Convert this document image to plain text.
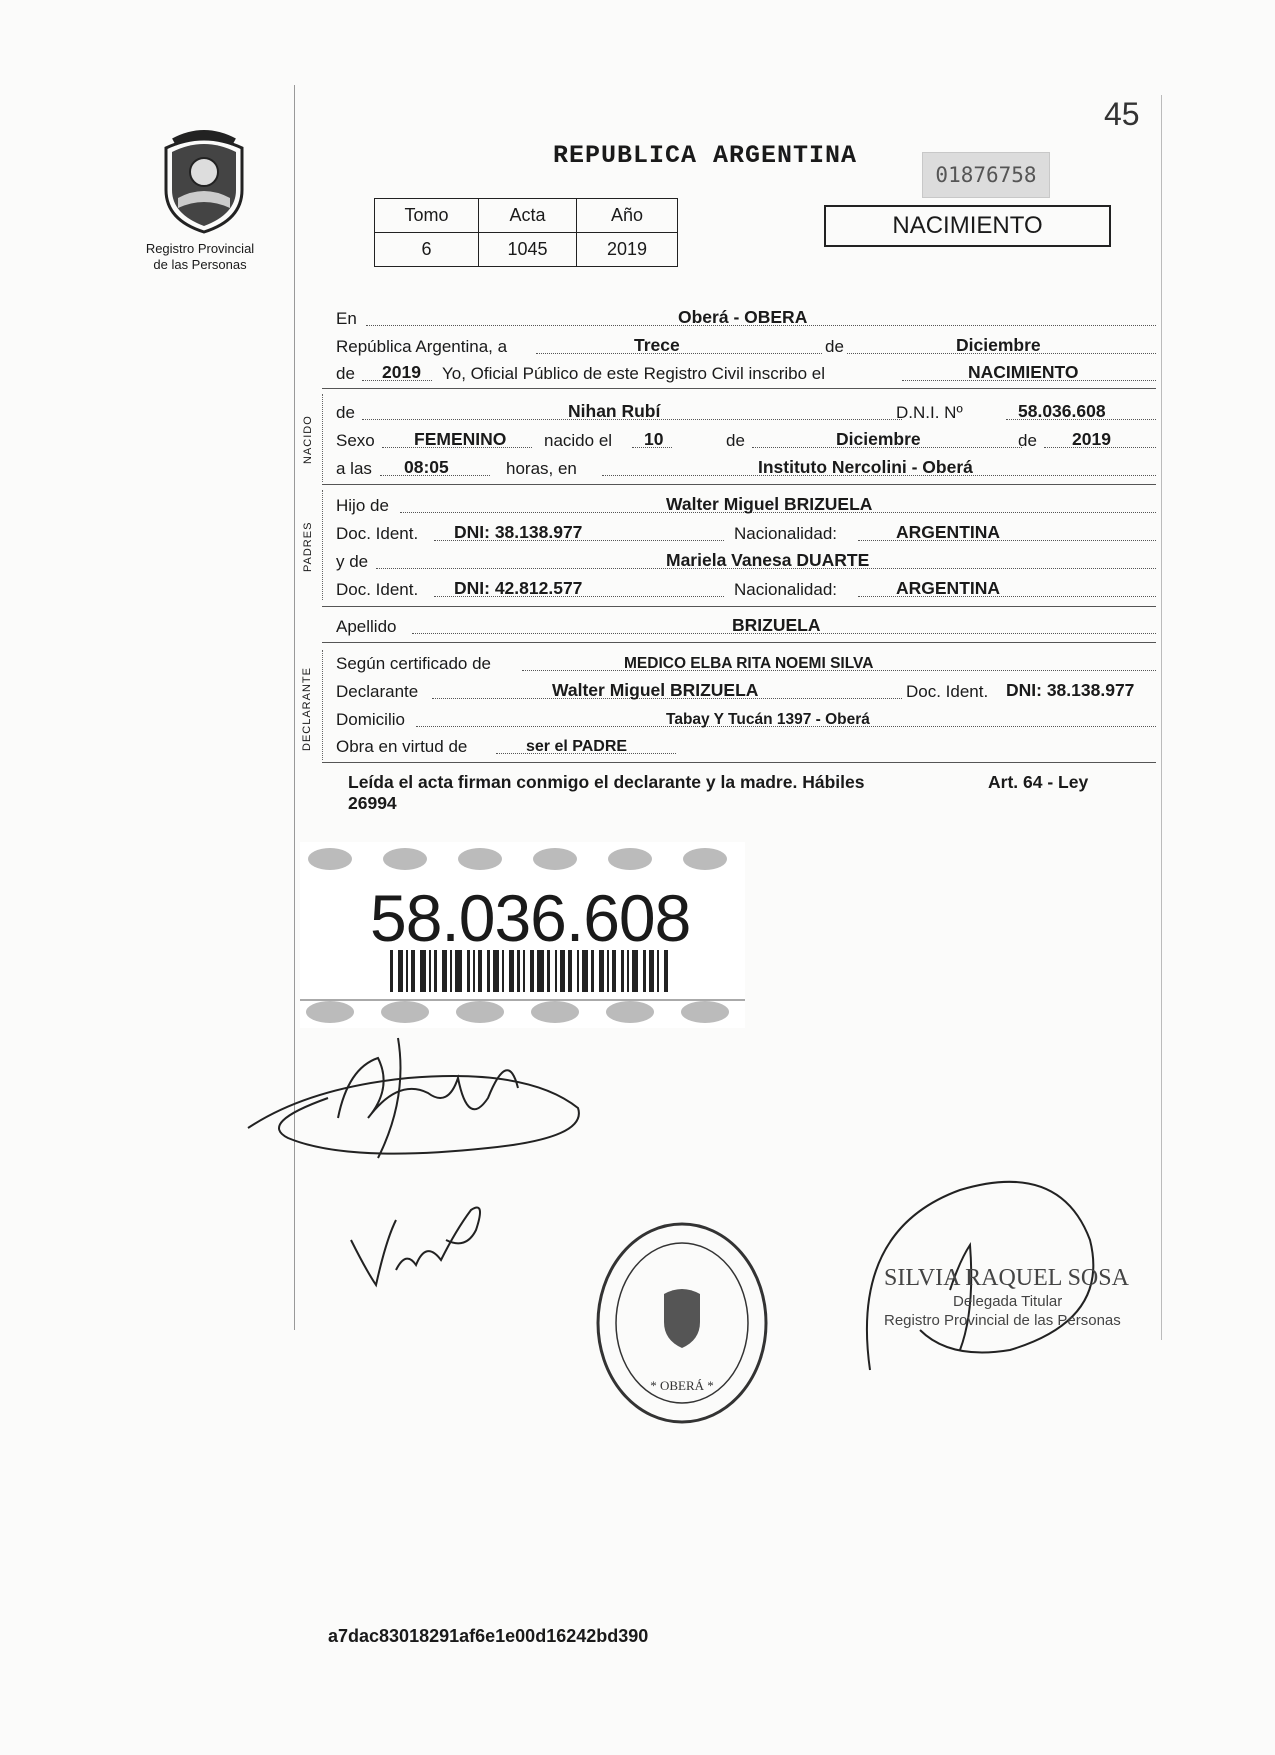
45
Registro Provincial
de las Personas
REPUBLICA ARGENTINA
01876758
Tomo	Acta	Año
6	1045	2019
NACIMIENTO
En	Oberá - OBERA
República Argentina, a	Trece	de	Diciembre
de 2019 Yo, Oficial Público de este Registro Civil inscribo el	NACIMIENTO
NACIDO
de	Nihan Rubí	D.N.I. Nº	58.036.608
Sexo FEMENINO nacido el 10	de	Diciembre	de 2019
a las 08:05	horas, en	Instituto Nercolini - Oberá
PADRES
Hijo de	Walter Miguel BRIZUELA
Doc. Ident. DNI: 38.138.977	Nacionalidad:	ARGENTINA
y de	Mariela Vanesa DUARTE
Doc. Ident. DNI: 42.812.577	Nacionalidad:	ARGENTINA
Apellido	BRIZUELA
DECLARANTE
Según certificado de	MEDICO ELBA RITA NOEMI SILVA
Declarante	Walter Miguel BRIZUELA	Doc. Ident. DNI: 38.138.977
Domicilio	Tabay Y Tucán 1397 - Oberá
Obra en virtud de	ser el PADRE
Leída el acta firman conmigo el declarante y la madre. Hábiles	Art. 64 - Ley
26994
58.036.608
* OBERÁ *
SILVIA RAQUEL SOSA
Delegada Titular
Registro Provincial de las Personas
a7dac83018291af6e1e00d16242bd390
